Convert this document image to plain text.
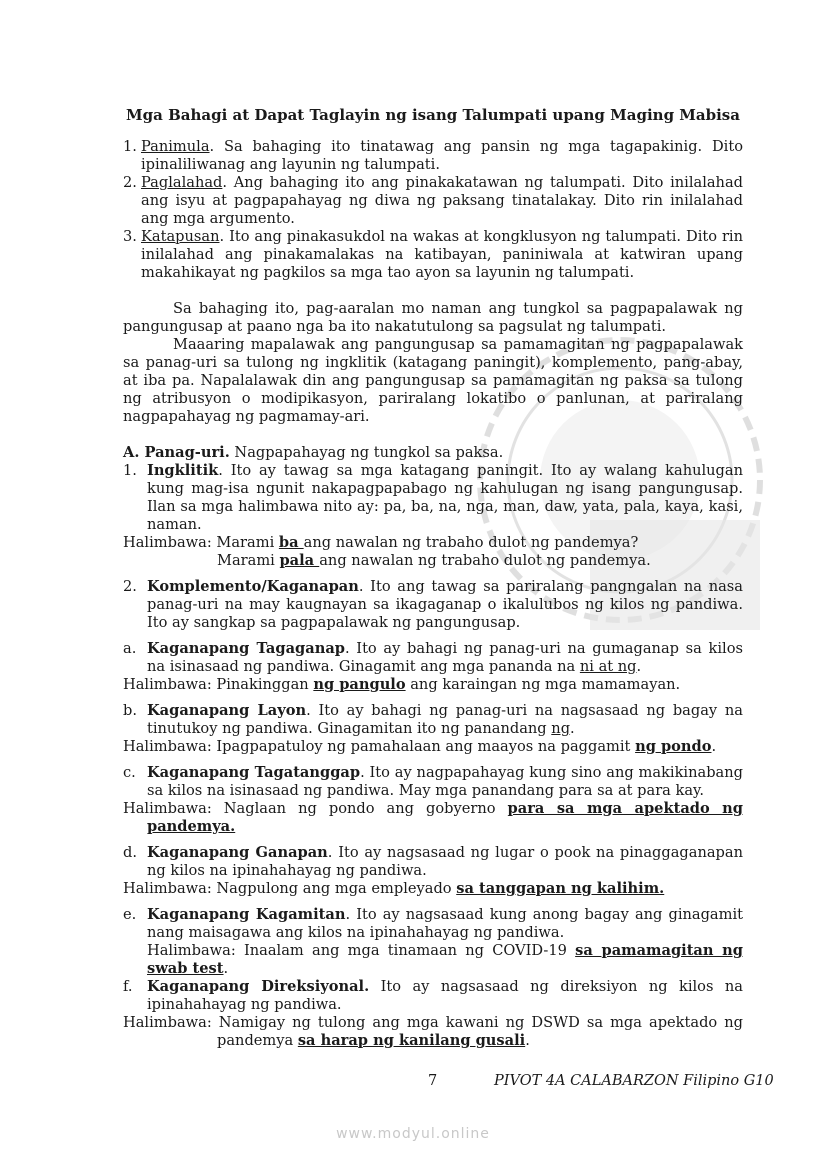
Mga Bahagi at Dapat Taglayin ng isang Talumpati upang Maging Mabisa
1. Panimula. Sa bahaging ito tinatawag ang pansin ng mga tagapakinig. Dito ipinaliliwanag ang layunin ng talumpati.
2. Paglalahad. Ang bahaging ito ang pinakakatawan ng talumpati. Dito inilalahad ang isyu at pagpapahayag ng diwa ng paksang tinatalakay. Dito rin inilalahad ang mga argumento.
3. Katapusan. Ito ang pinakasukdol na wakas at kongklusyon ng talumpati. Dito rin inilalahad ang pinakamalakas na katibayan, paniniwala at katwiran upang makahikayat ng pagkilos sa mga tao ayon sa layunin ng talumpati.
Sa bahaging ito, pag-aaralan mo naman ang tungkol sa pagpapalawak ng pangungusap at paano nga ba ito nakatutulong sa pagsulat ng talumpati.
Maaaring mapalawak ang pangungusap sa pamamagitan ng pagpapalawak sa panag-uri sa tulong ng ingklitik (katagang paningit), komplemento, pang-abay, at iba pa. Napalalawak din ang pangungusap sa pamamagitan ng paksa sa tulong ng atribusyon o modipikasyon, pariralang lokatibo o panlunan, at pariralang nagpapahayag ng pagmamay-ari.
A. Panag-uri. Nagpapahayag ng tungkol sa paksa.
1. Ingklitik. Ito ay tawag sa mga katagang paningit. Ito ay walang kahulugan kung mag-isa ngunit nakapagpapabago ng kahulugan ng isang pangungusap. Ilan sa mga halimbawa nito ay: pa, ba, na, nga, man, daw, yata, pala, kaya, kasi, naman.
Halimbawa: Marami ba ang nawalan ng trabaho dulot ng pandemya?
Marami pala ang nawalan ng trabaho dulot ng pandemya.
2. Komplemento/Kaganapan. Ito ang tawag sa pariralang pangngalan na nasa panag-uri na may kaugnayan sa ikagaganap o ikalulubos ng kilos ng pandiwa. Ito ay sangkap sa pagpapalawak ng pangungusap.
a. Kaganapang Tagaganap. Ito ay bahagi ng panag-uri na gumaganap sa kilos na isinasaad ng pandiwa. Ginagamit ang mga pananda na ni at ng.
Halimbawa: Pinakinggan ng pangulo ang karaingan ng mga mamamayan.
b. Kaganapang Layon. Ito ay bahagi ng panag-uri na nagsasaad ng bagay na tinutukoy ng pandiwa. Ginagamitan ito ng panandang ng.
Halimbawa: Ipagpapatuloy ng pamahalaan ang maayos na paggamit ng pondo.
c. Kaganapang Tagatanggap. Ito ay nagpapahayag kung sino ang makikinabang sa kilos na isinasaad ng pandiwa. May mga panandang para sa at para kay.
Halimbawa: Naglaan ng pondo ang gobyerno para sa mga apektado ng pandemya.
d. Kaganapang Ganapan. Ito ay nagsasaad ng lugar o pook na pinaggaganapan ng kilos na ipinahahayag ng pandiwa.
Halimbawa: Nagpulong ang mga empleyado sa tanggapan ng kalihim.
e. Kaganapang Kagamitan. Ito ay nagsasaad kung anong bagay ang ginagamit nang maisagawa ang kilos na ipinahahayag ng pandiwa.
Halimbawa: Inaalam ang mga tinamaan ng COVID-19 sa pamamagitan ng swab test.
f. Kaganapang Direksiyonal. Ito ay nagsasaad ng direksiyon ng kilos na ipinahahayag ng pandiwa.
Halimbawa: Namigay ng tulong ang mga kawani ng DSWD sa mga apektado ng pandemya sa harap ng kanilang gusali.
7	PIVOT 4A CALABARZON Filipino G10
www.modyul.online
